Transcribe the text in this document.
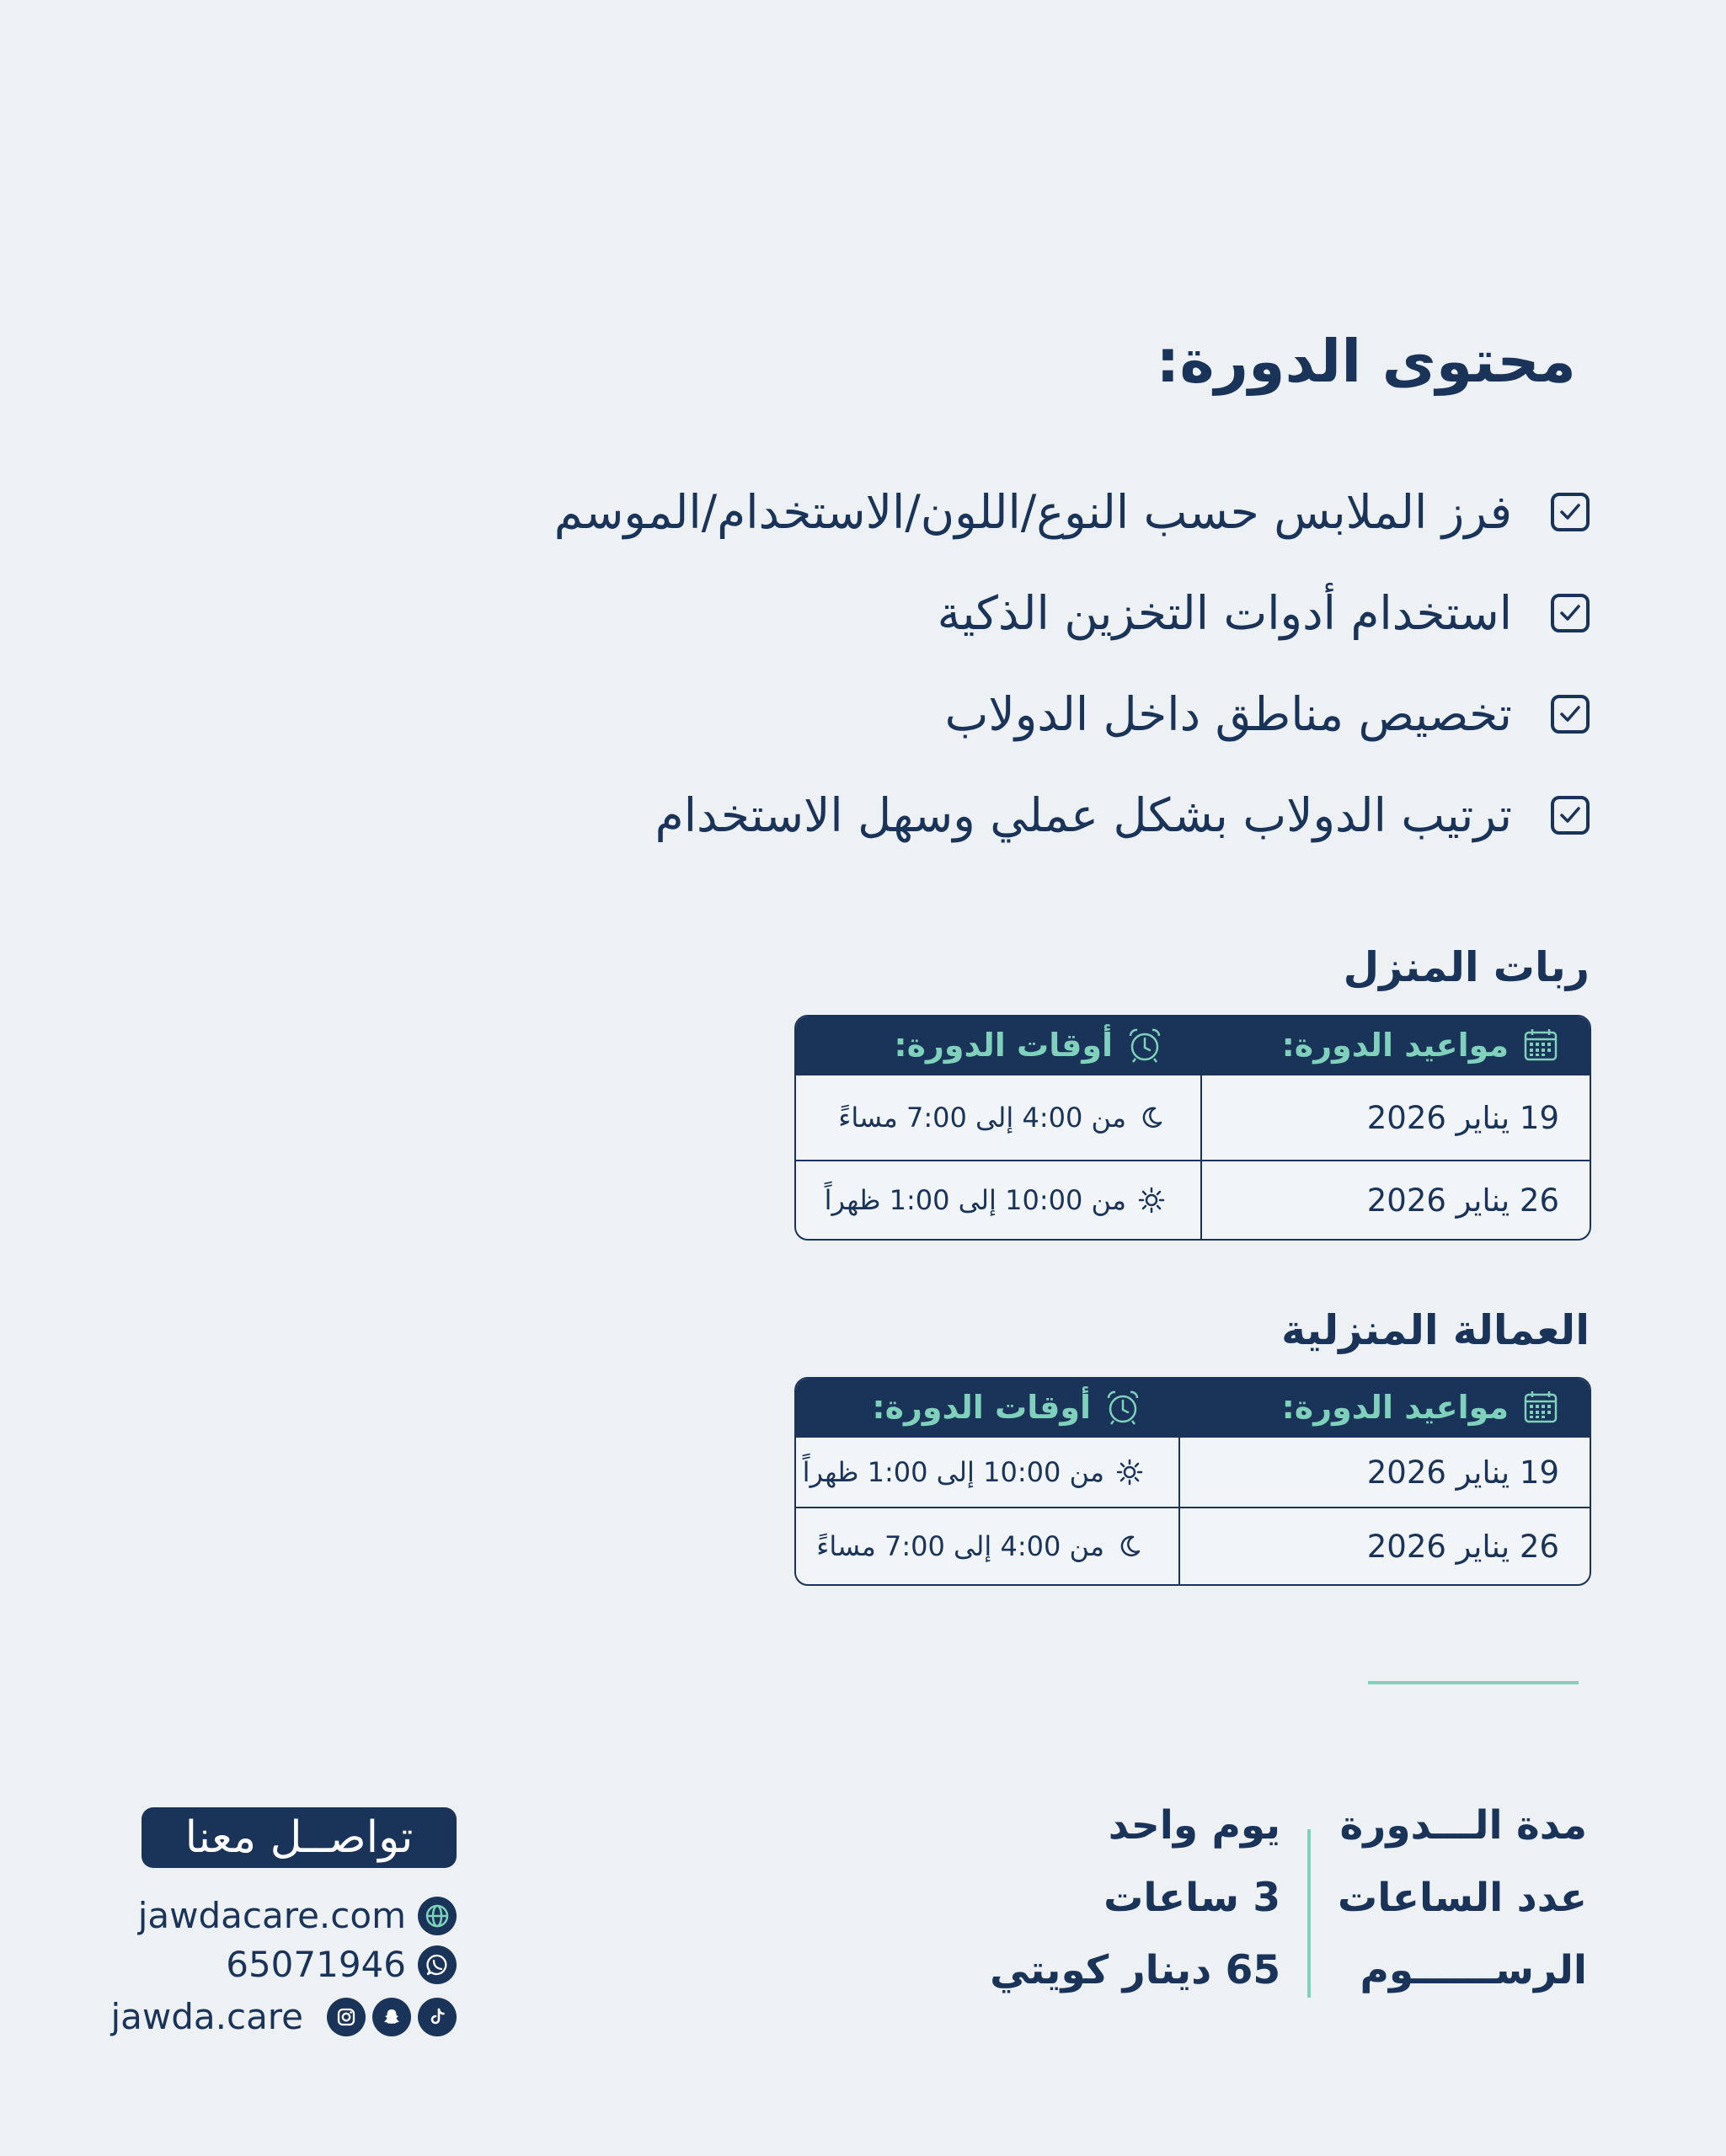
محتوى الدورة:
فرز الملابس حسب النوع/اللون/الاستخدام/الموسم
استخدام أدوات التخزين الذكية
تخصيص مناطق داخل الدولاب
ترتيب الدولاب بشكل عملي وسهل الاستخدام
ربات المنزل
مواعيد الدورة:
أوقات الدورة:
19 يناير 2026
من 4:00 إلى 7:00 مساءً
26 يناير 2026
من 10:00 إلى 1:00 ظهراً
العمالة المنزلية
مواعيد الدورة:
أوقات الدورة:
19 يناير 2026
من 10:00 إلى 1:00 ظهراً
26 يناير 2026
من 4:00 إلى 7:00 مساءً
مدة الـــدورة
عدد الساعات
الرســــــوم
يوم واحد
3 ساعات
65 دينار كويتي
تواصــل معنا
jawdacare.com
65071946
jawda.care
